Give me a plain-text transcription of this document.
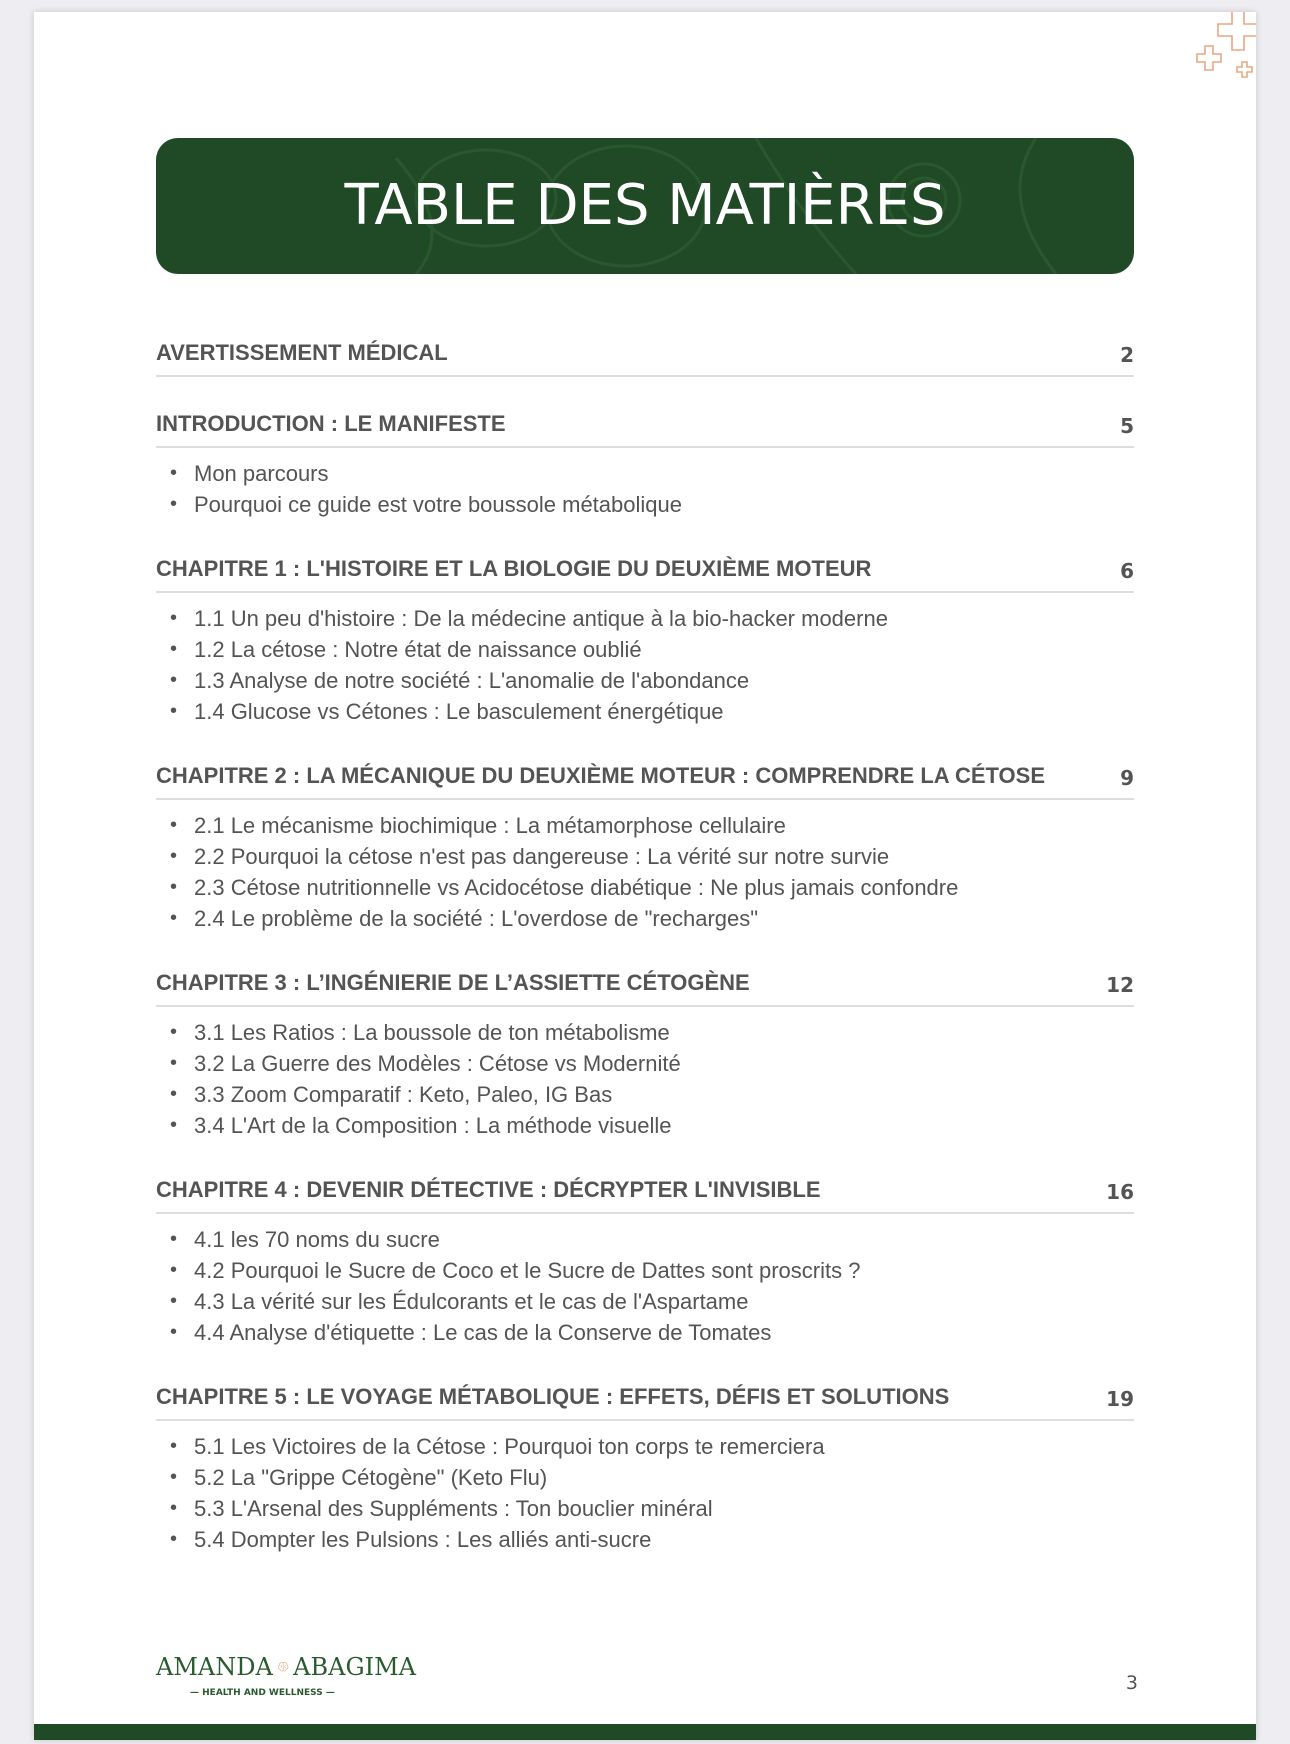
TABLE DES MATIÈRES
AVERTISSEMENT MÉDICAL	2
INTRODUCTION : LE MANIFESTE	5
• Mon parcours
• Pourquoi ce guide est votre boussole métabolique
CHAPITRE 1 : L'HISTOIRE ET LA BIOLOGIE DU DEUXIÈME MOTEUR	6
• 1.1 Un peu d'histoire : De la médecine antique à la bio-hacker moderne
• 1.2 La cétose : Notre état de naissance oublié
• 1.3 Analyse de notre société : L'anomalie de l'abondance
• 1.4 Glucose vs Cétones : Le basculement énergétique
CHAPITRE 2 : LA MÉCANIQUE DU DEUXIÈME MOTEUR : COMPRENDRE LA CÉTOSE	9
• 2.1 Le mécanisme biochimique : La métamorphose cellulaire
• 2.2 Pourquoi la cétose n'est pas dangereuse : La vérité sur notre survie
• 2.3 Cétose nutritionnelle vs Acidocétose diabétique : Ne plus jamais confondre
• 2.4 Le problème de la société : L'overdose de "recharges"
CHAPITRE 3 : L’INGÉNIERIE DE L’ASSIETTE CÉTOGÈNE	12
• 3.1 Les Ratios : La boussole de ton métabolisme
• 3.2 La Guerre des Modèles : Cétose vs Modernité
• 3.3 Zoom Comparatif : Keto, Paleo, IG Bas
• 3.4 L'Art de la Composition : La méthode visuelle
CHAPITRE 4 : DEVENIR DÉTECTIVE : DÉCRYPTER L'INVISIBLE	16
• 4.1 les 70 noms du sucre
• 4.2 Pourquoi le Sucre de Coco et le Sucre de Dattes sont proscrits ?
• 4.3 La vérité sur les Édulcorants et le cas de l'Aspartame
• 4.4 Analyse d'étiquette : Le cas de la Conserve de Tomates
CHAPITRE 5 : LE VOYAGE MÉTABOLIQUE : EFFETS, DÉFIS ET SOLUTIONS	19
• 5.1 Les Victoires de la Cétose : Pourquoi ton corps te remerciera
• 5.2 La "Grippe Cétogène" (Keto Flu)
• 5.3 L'Arsenal des Suppléments : Ton bouclier minéral
• 5.4 Dompter les Pulsions : Les alliés anti-sucre
AMANDA ABAGIMA
— HEALTH AND WELLNESS —	3
